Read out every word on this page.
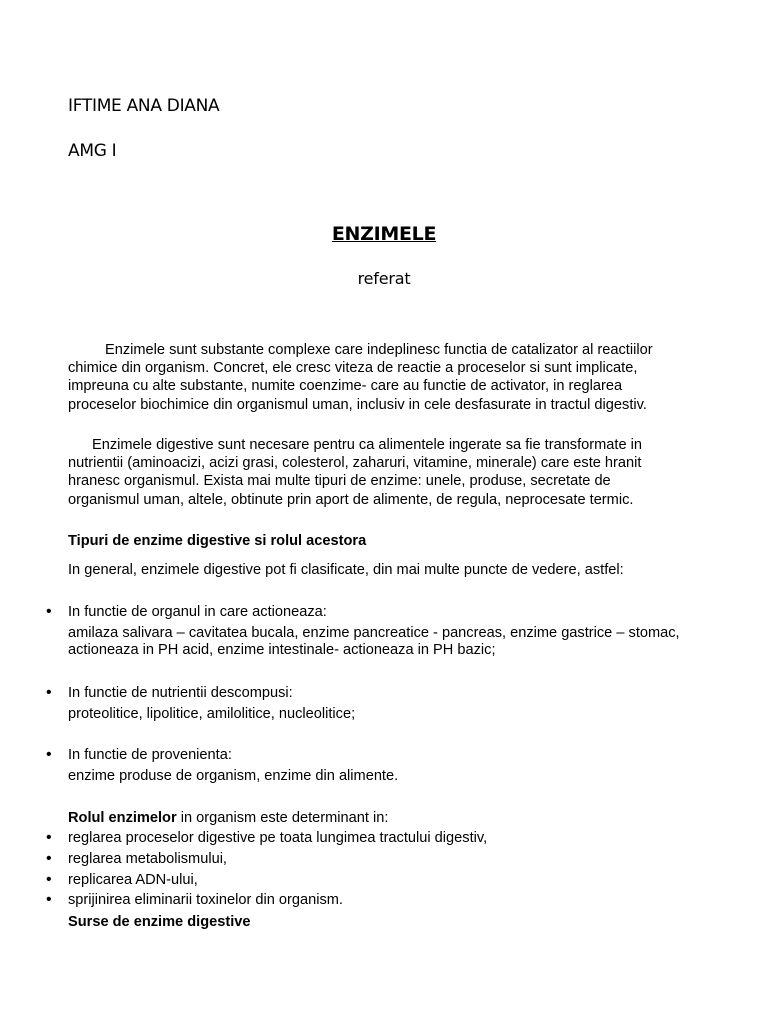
IFTIME ANA DIANA
AMG I
ENZIMELE
referat
Enzimele sunt substante complexe care indeplinesc functia de catalizator al reactiilor
chimice din organism. Concret, ele cresc viteza de reactie a proceselor si sunt implicate,
impreuna cu alte substante, numite coenzime- care au functie de activator, in reglarea
proceselor biochimice din organismul uman, inclusiv in cele desfasurate in tractul digestiv.
Enzimele digestive sunt necesare pentru ca alimentele ingerate sa fie transformate in
nutrientii (aminoacizi, acizi grasi, colesterol, zaharuri, vitamine, minerale) care este hranit
hranesc organismul. Exista mai multe tipuri de enzime: unele, produse, secretate de
organismul uman, altele, obtinute prin aport de alimente, de regula, neprocesate termic.
Tipuri de enzime digestive si rolul acestora
In general, enzimele digestive pot fi clasificate, din mai multe puncte de vedere, astfel:
• In functie de organul in care actioneaza:
amilaza salivara – cavitatea bucala, enzime pancreatice - pancreas, enzime gastrice – stomac,
actioneaza in PH acid, enzime intestinale- actioneaza in PH bazic;
• In functie de nutrientii descompusi:
proteolitice, lipolitice, amilolitice, nucleolitice;
• In functie de provenienta:
enzime produse de organism, enzime din alimente.
Rolul enzimelor in organism este determinant in:
• reglarea proceselor digestive pe toata lungimea tractului digestiv,
• reglarea metabolismului,
• replicarea ADN-ului,
• sprijinirea eliminarii toxinelor din organism.
Surse de enzime digestive
